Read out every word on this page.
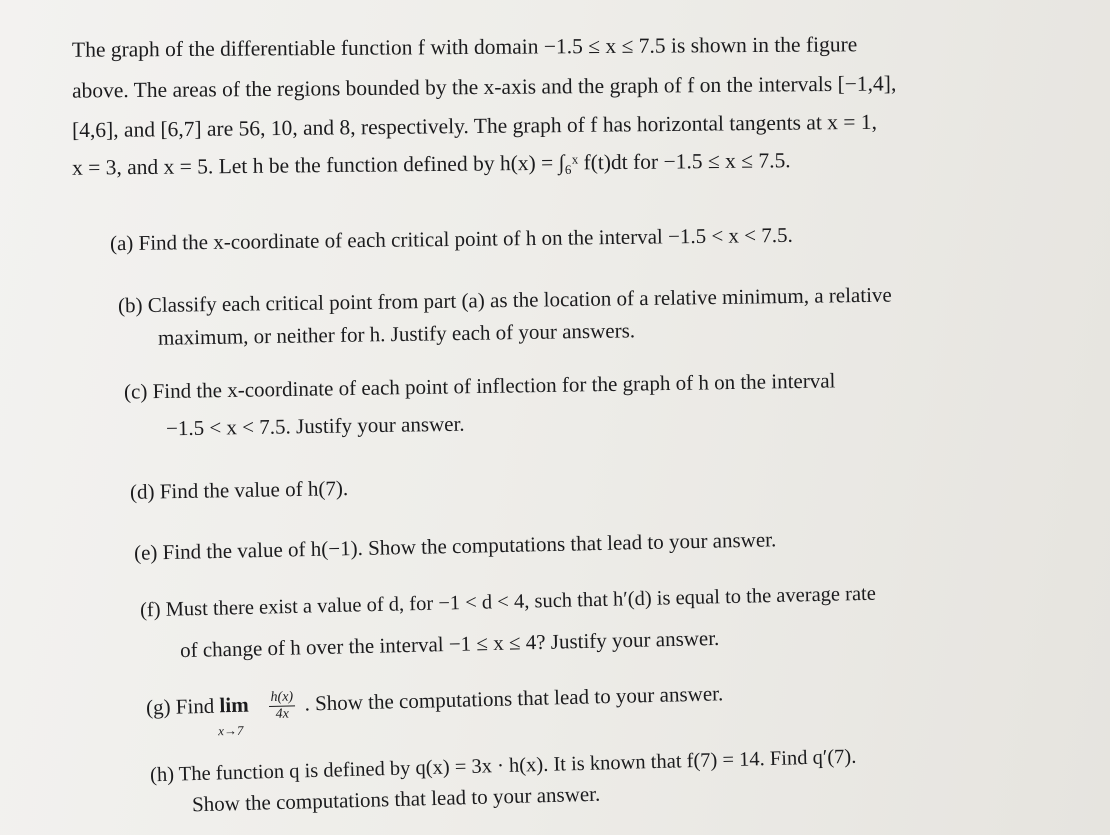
The graph of the differentiable function f with domain −1.5 ≤ x ≤ 7.5 is shown in the figure
above. The areas of the regions bounded by the x-axis and the graph of f on the intervals [−1,4],
[4,6], and [6,7] are 56, 10, and 8, respectively. The graph of f has horizontal tangents at x = 1,
x = 3, and x = 5. Let h be the function defined by h(x) = ∫₆ˣ f(t)dt for −1.5 ≤ x ≤ 7.5.
(a) Find the x-coordinate of each critical point of h on the interval −1.5 < x < 7.5.
(b) Classify each critical point from part (a) as the location of a relative minimum, a relative
maximum, or neither for h. Justify each of your answers.
(c) Find the x-coordinate of each point of inflection for the graph of h on the interval
−1.5 < x < 7.5. Justify your answer.
(d) Find the value of h(7).
(e) Find the value of h(−1). Show the computations that lead to your answer.
(f) Must there exist a value of d, for −1 < d < 4, such that h′(d) is equal to the average rate
of change of h over the interval −1 ≤ x ≤ 4? Justify your answer.
(g) Find lim
x→7

$\frac{h(x)}{4x}$ . Show the computations that lead to your answer.
(h) The function q is defined by q(x) = 3x · h(x). It is known that f(7) = 14. Find q′(7).
Show the computations that lead to your answer.
